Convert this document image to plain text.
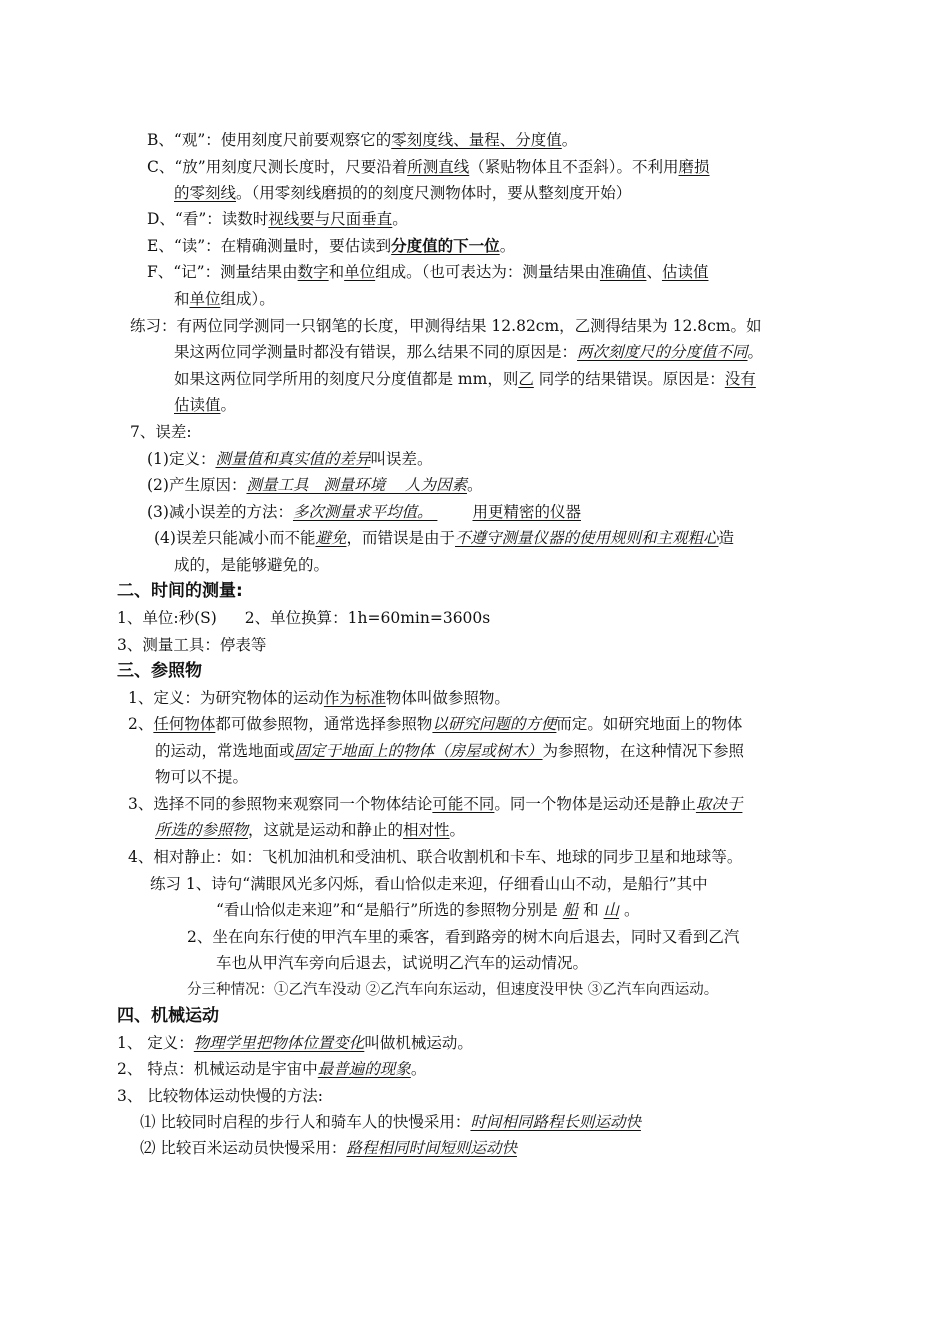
B、“观”：使用刻度尺前要观察它的零刻度线、量程、分度值。
C、“放”用刻度尺测长度时，尺要沿着所测直线（紧贴物体且不歪斜）。不利用磨损
的零刻线。（用零刻线磨损的的刻度尺测物体时，要从整刻度开始）
D、“看”：读数时视线要与尺面垂直。
E、“读”：在精确测量时，要估读到分度值的下一位。
F、“记”：测量结果由数字和单位组成。（也可表达为：测量结果由准确值、估读值
和单位组成）。
练习：有两位同学测同一只钢笔的长度，甲测得结果 12.82cm，乙测得结果为 12.8cm。如
果这两位同学测量时都没有错误，那么结果不同的原因是：两次刻度尺的分度值不同。
如果这两位同学所用的刻度尺分度值都是 mm，则乙 同学的结果错误。原因是：没有
估读值。
7、误差:
(1)定义：测量值和真实值的差异叫误差。
(2)产生原因：测量工具   测量环境    人为因素。
(3)减小误差的方法：多次测量求平均值。	用更精密的仪器
(4)误差只能减小而不能避免，而错误是由于不遵守测量仪器的使用规则和主观粗心造
成的，是能够避免的。
二、时间的测量:
1、单位:秒(S) 2、单位换算：1h=60min=3600s
3、测量工具：停表等
三、参照物
1、定义：为研究物体的运动作为标准物体叫做参照物。
2、任何物体都可做参照物，通常选择参照物以研究问题的方便而定。如研究地面上的物体
的运动，常选地面或固定于地面上的物体（房屋或树木）为参照物，在这种情况下参照
物可以不提。
3、选择不同的参照物来观察同一个物体结论可能不同。同一个物体是运动还是静止取决于
所选的参照物，这就是运动和静止的相对性。
4、相对静止：如：飞机加油机和受油机、联合收割机和卡车、地球的同步卫星和地球等。
练习 1、诗句“满眼风光多闪烁，看山恰似走来迎，仔细看山山不动，是船行”其中
“看山恰似走来迎”和“是船行”所选的参照物分别是 船 和 山 。
2、坐在向东行使的甲汽车里的乘客，看到路旁的树木向后退去，同时又看到乙汽
车也从甲汽车旁向后退去，试说明乙汽车的运动情况。
分三种情况：①乙汽车没动 ②乙汽车向东运动，但速度没甲快 ③乙汽车向西运动。
四、机械运动
1、 定义：物理学里把物体位置变化叫做机械运动。
2、 特点：机械运动是宇宙中最普遍的现象。
3、 比较物体运动快慢的方法:
⑴ 比较同时启程的步行人和骑车人的快慢采用：时间相同路程长则运动快
⑵ 比较百米运动员快慢采用：路程相同时间短则运动快
